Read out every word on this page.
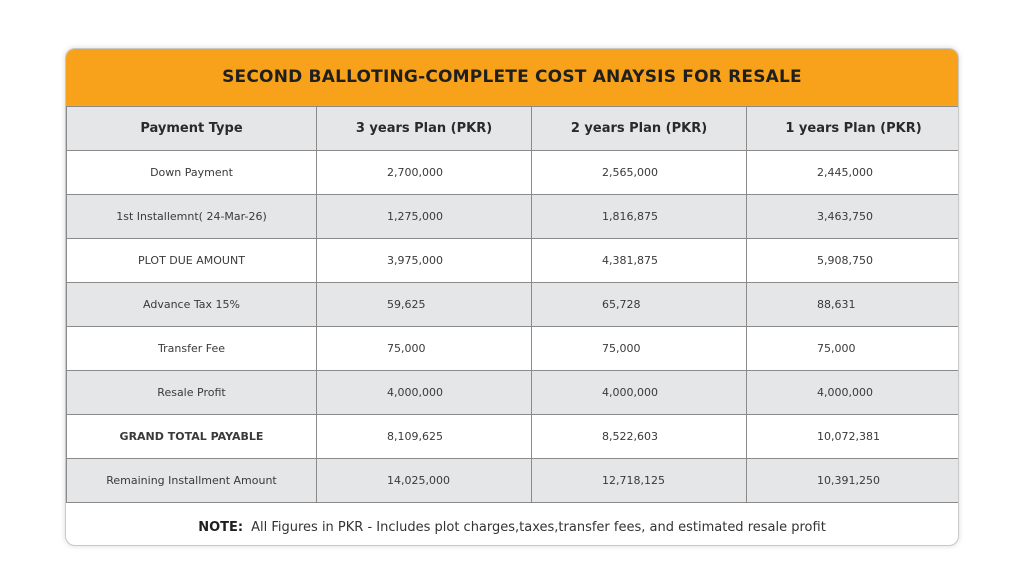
SECOND BALLOTING-COMPLETE COST ANAYSIS FOR RESALE
Payment Type	3 years Plan (PKR)	2 years Plan (PKR)	1 years Plan (PKR)

Down Payment	2,700,000	2,565,000	2,445,000

1st Installemnt( 24-Mar-26)	1,275,000	1,816,875	3,463,750

PLOT DUE AMOUNT	3,975,000	4,381,875	5,908,750

Advance Tax 15%	59,625	65,728	88,631

Transfer Fee	75,000	75,000	75,000

Resale Profit	4,000,000	4,000,000	4,000,000

GRAND TOTAL PAYABLE	8,109,625	8,522,603	10,072,381

Remaining Installment Amount	14,025,000	12,718,125	10,391,250
NOTE: All Figures in PKR - Includes plot charges,taxes,transfer fees, and estimated resale profit
